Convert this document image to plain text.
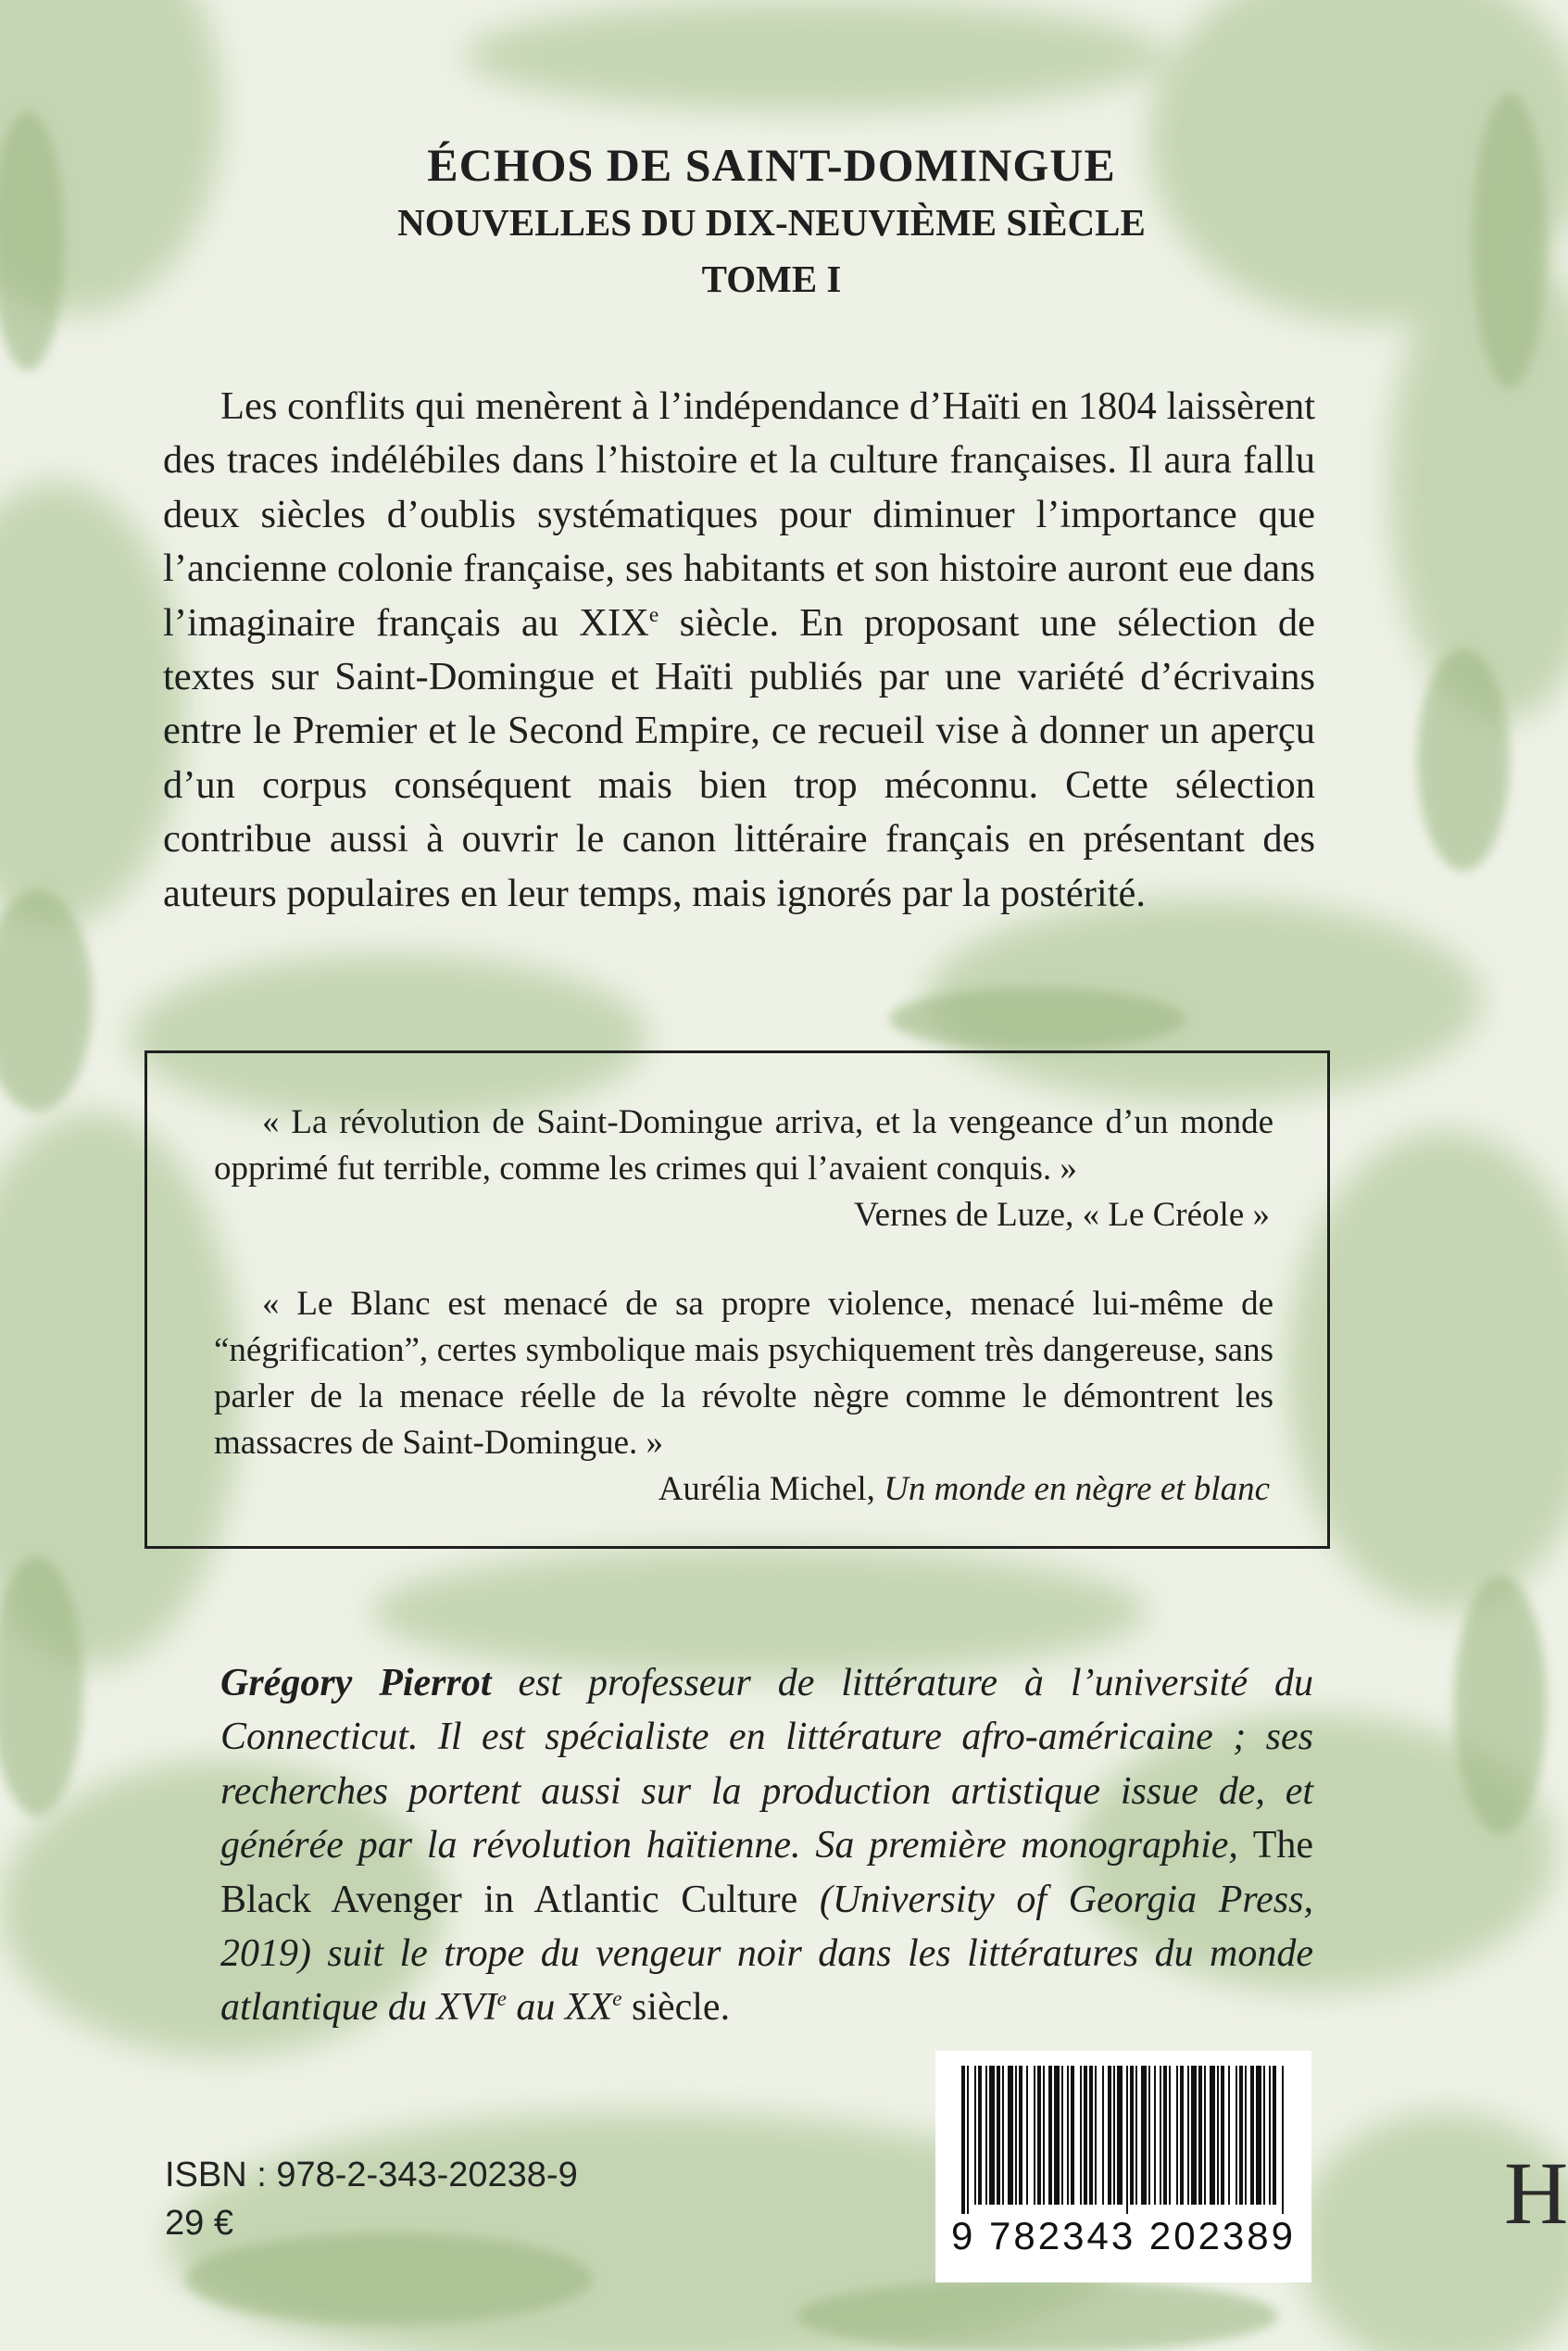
ÉCHOS DE SAINT-DOMINGUE
NOUVELLES DU DIX-NEUVIÈME SIÈCLE
TOME I

Les conflits qui menèrent à l’indépendance d’Haïti en 1804 laissèrent des traces indélébiles dans l’histoire et la culture françaises. Il aura fallu deux siècles d’oublis systématiques pour diminuer l’importance que l’ancienne colonie française, ses habitants et son histoire auront eue dans l’imaginaire français au XIXe siècle. En proposant une sélection de textes sur Saint-Domingue et Haïti publiés par une variété d’écrivains entre le Premier et le Second Empire, ce recueil vise à donner un aperçu d’un corpus conséquent mais bien trop méconnu. Cette sélection contribue aussi à ouvrir le canon littéraire français en présentant des auteurs populaires en leur temps, mais ignorés par la postérité.

« La révolution de Saint-Domingue arriva, et la vengeance d’un monde opprimé fut terrible, comme les crimes qui l’avaient conquis. »

Vernes de Luze, « Le Créole »

« Le Blanc est menacé de sa propre violence, menacé lui-même de “négrification”, certes symbolique mais psychiquement très dangereuse, sans parler de la menace réelle de la révolte nègre comme le démontrent les massacres de Saint-Domingue. »

Aurélia Michel, Un monde en nègre et blanc

Grégory Pierrot est professeur de littérature à l’université du Connecticut. Il est spécialiste en littérature afro-américaine ; ses recherches portent aussi sur la production artistique issue de, et générée par la révolution haïtienne. Sa première monographie, The Black Avenger in Atlantic Culture (University of Georgia Press, 2019) suit le trope du vengeur noir dans les littératures du monde atlantique du XVIe au XXe siècle.

ISBN : 978-2-343-20238-9
29 €	9 782343 202389 H
